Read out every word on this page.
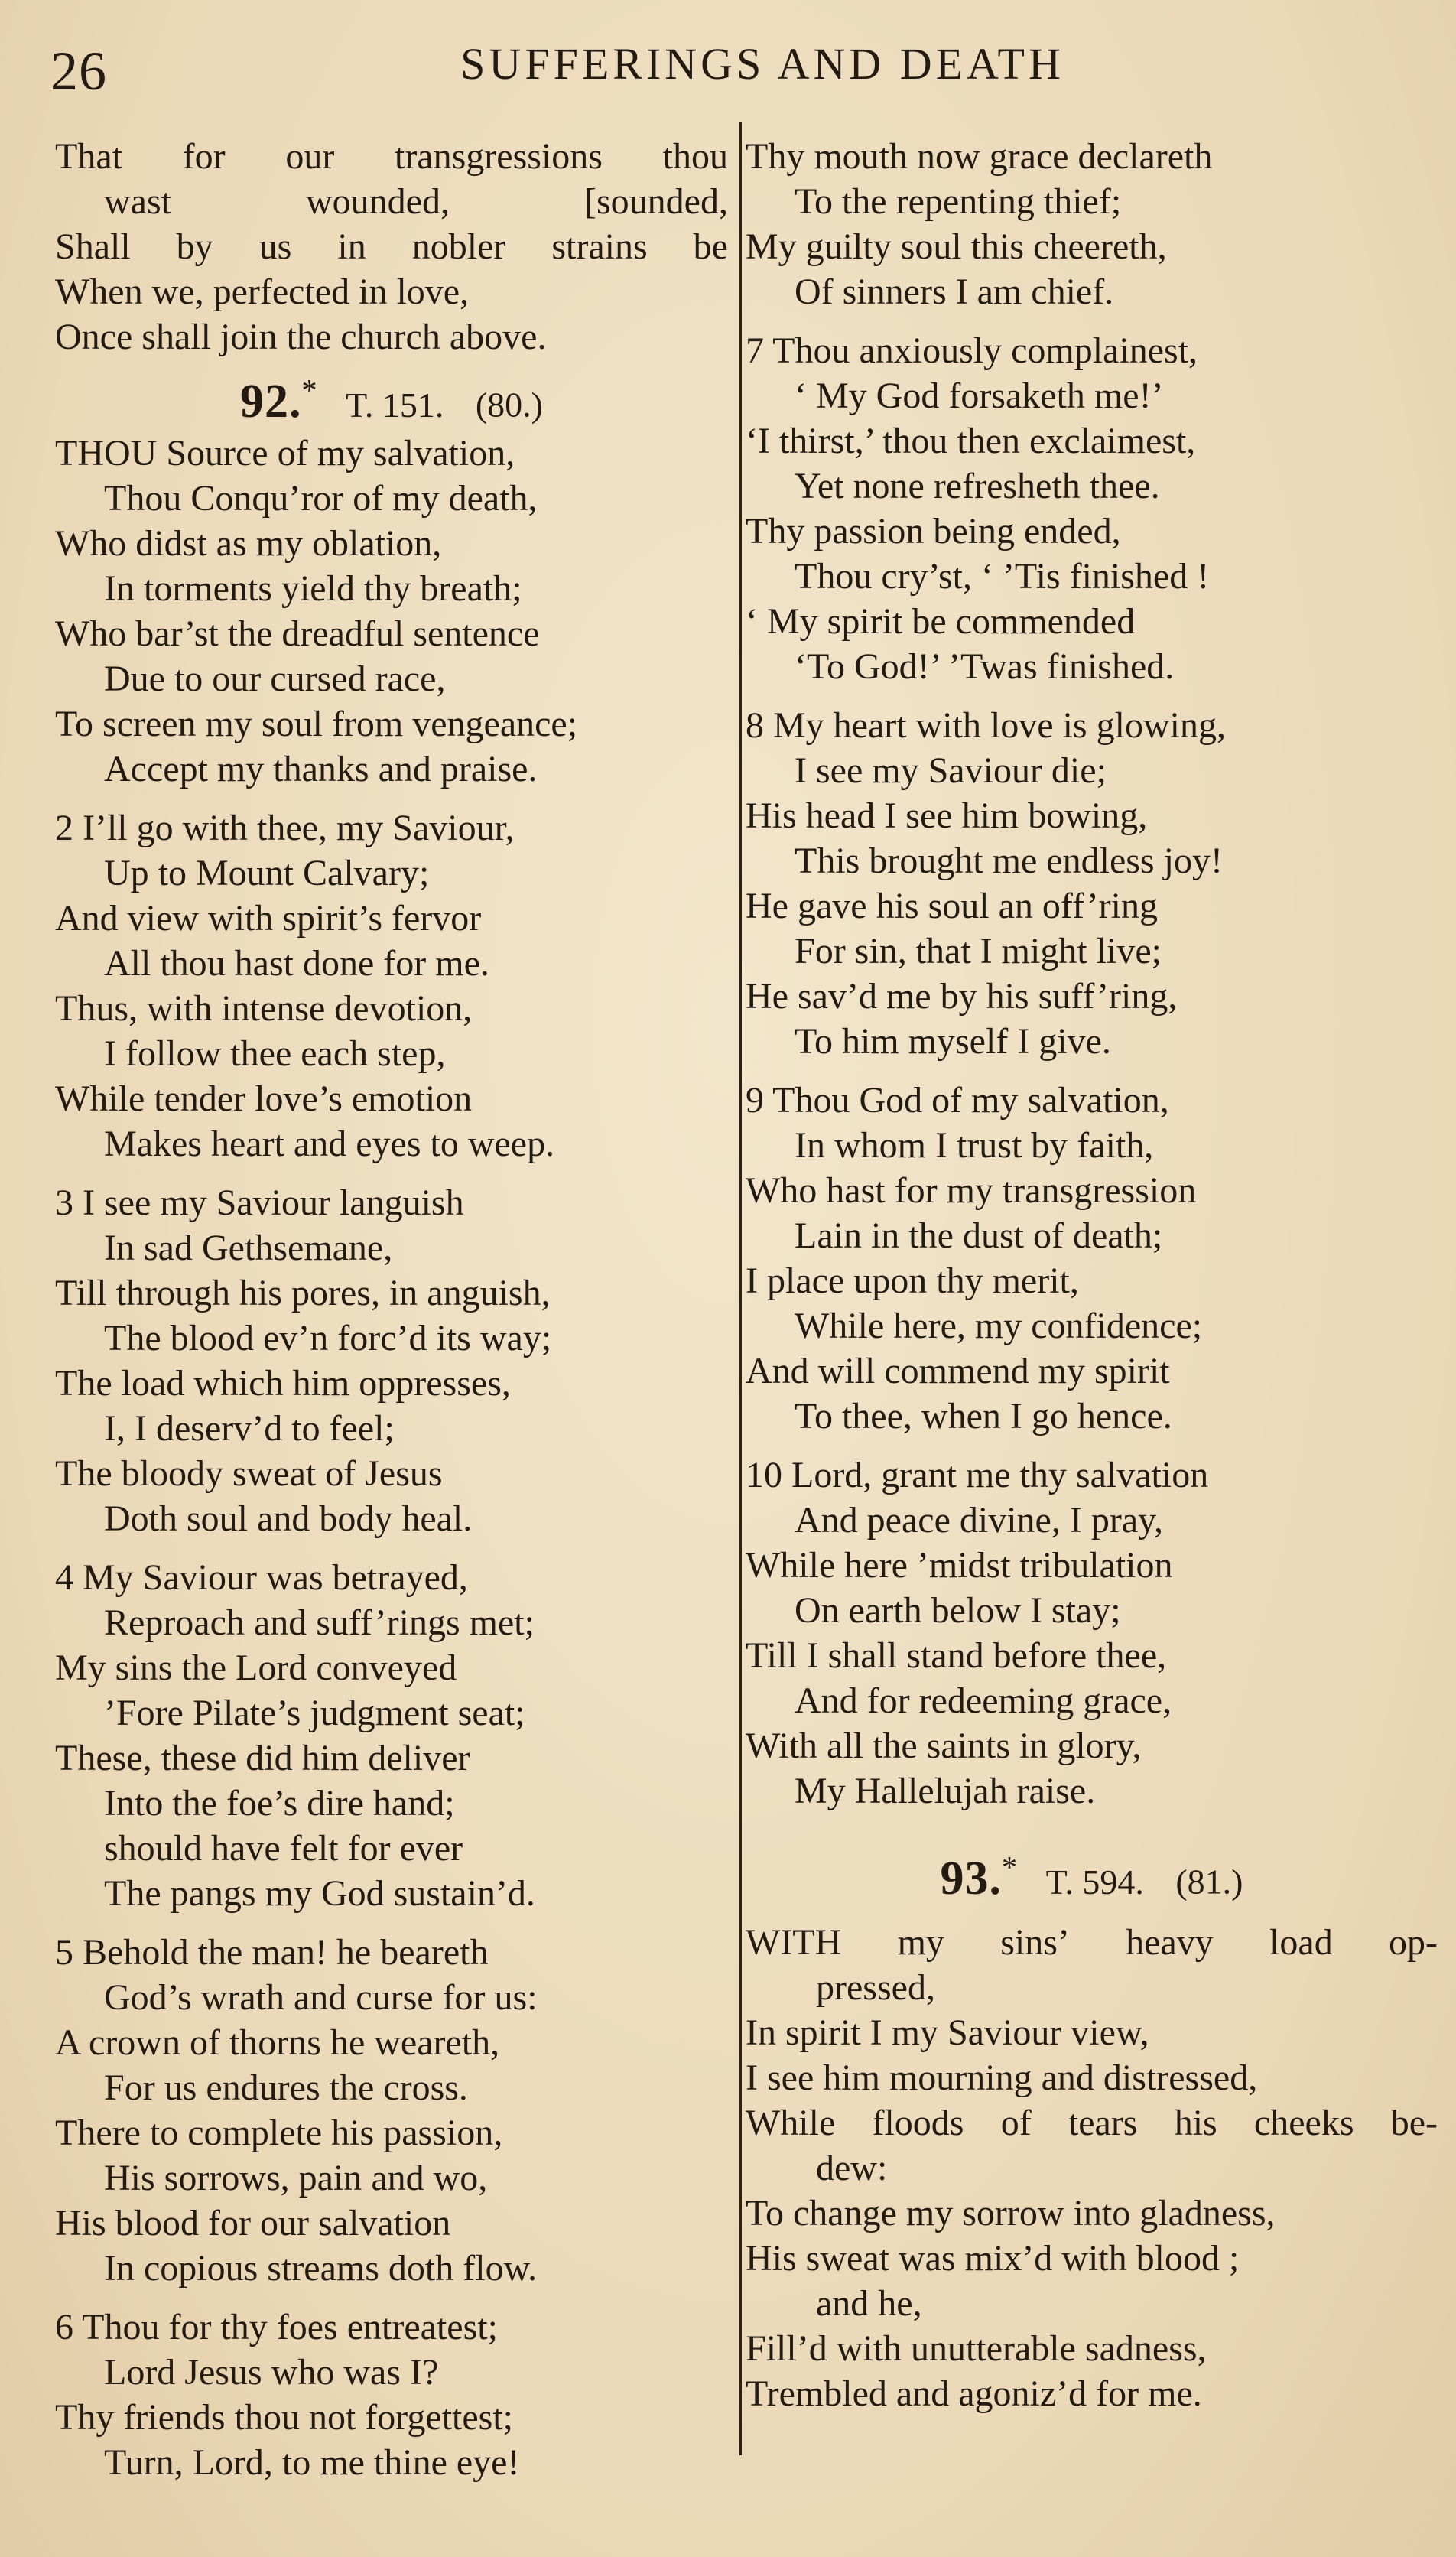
26	SUFFERINGS AND DEATH
That for our transgressions thou
wast	wounded,	[sounded,
Shall by us in nobler strains be
When we, perfected in love,
Once shall join the church above.
92.* T. 151. (80.)
THOU Source of my salvation,
Thou Conqu’ror of my death,
Who didst as my oblation,
In torments yield thy breath;
Who bar’st the dreadful sentence
Due to our cursed race,
To screen my soul from vengeance;
Accept my thanks and praise.
2 I’ll go with thee, my Saviour,
Up to Mount Calvary;
And view with spirit’s fervor
All thou hast done for me.
Thus, with intense devotion,
I follow thee each step,
While tender love’s emotion
Makes heart and eyes to weep.
3 I see my Saviour languish
In sad Gethsemane,
Till through his pores, in anguish,
The blood ev’n forc’d its way;
The load which him oppresses,
I, I deserv’d to feel;
The bloody sweat of Jesus
Doth soul and body heal.
4 My Saviour was betrayed,
Reproach and suff’rings met;
My sins the Lord conveyed
’Fore Pilate’s judgment seat;
These, these did him deliver
Into the foe’s dire hand;
should have felt for ever
The pangs my God sustain’d.
5 Behold the man! he beareth
God’s wrath and curse for us:
A crown of thorns he weareth,
For us endures the cross.
There to complete his passion,
His sorrows, pain and wo,
His blood for our salvation
In copious streams doth flow.
6 Thou for thy foes entreatest;
Lord Jesus who was I?
Thy friends thou not forgettest;
Turn, Lord, to me thine eye!
Thy mouth now grace declareth
To the repenting thief;
My guilty soul this cheereth,
Of sinners I am chief.
7 Thou anxiously complainest,
‘ My God forsaketh me!’
‘I thirst,’ thou then exclaimest,
Yet none refresheth thee.
Thy passion being ended,
Thou cry’st, ‘ ’Tis finished !
‘ My spirit be commended
‘To God!’ ’Twas finished.
8 My heart with love is glowing,
I see my Saviour die;
His head I see him bowing,
This brought me endless joy!
He gave his soul an off’ring
For sin, that I might live;
He sav’d me by his suff’ring,
To him myself I give.
9 Thou God of my salvation,
In whom I trust by faith,
Who hast for my transgression
Lain in the dust of death;
I place upon thy merit,
While here, my confidence;
And will commend my spirit
To thee, when I go hence.
10 Lord, grant me thy salvation
And peace divine, I pray,
While here ’midst tribulation
On earth below I stay;
Till I shall stand before thee,
And for redeeming grace,
With all the saints in glory,
My Hallelujah raise.
93.* T. 594. (81.)
WITH my sins’ heavy load op-
pressed,
In spirit I my Saviour view,
I see him mourning and distressed,
While floods of tears his cheeks be-
dew:
To change my sorrow into gladness,
His sweat was mix’d with blood ;
and he,
Fill’d with unutterable sadness,
Trembled and agoniz’d for me.
